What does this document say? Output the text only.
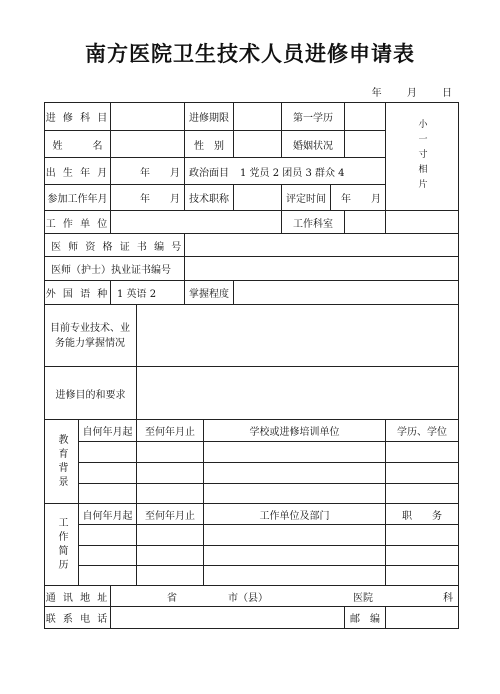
南方医院卫生技术人员进修申请表
年	月	日
进 修 科 目	进修期限	第一学历
姓　　　名	性　别	婚姻状况
出 生 年 月	年　　月 政治面目	1 党员 2 团员 3 群众 4
参加工作年月	年　　月 技术职称	评定时间	年　　月
小一寸相片
工 作 单 位	工作科室
医 师 资 格 证 书 编 号
医师（护士）执业证书编号
外 国 语 种 1 英语 2	掌握程度
目前专业技术、业务能力掌握情况
进修目的和要求
教育背景
自何年月起	至何年月止	学校或进修培训单位	学历、学位
工作简历
自何年月起	至何年月止	工作单位及部门	职　　务
通 讯 地 址	省	市（县）	医院	科
联 系 电 话	邮　编
